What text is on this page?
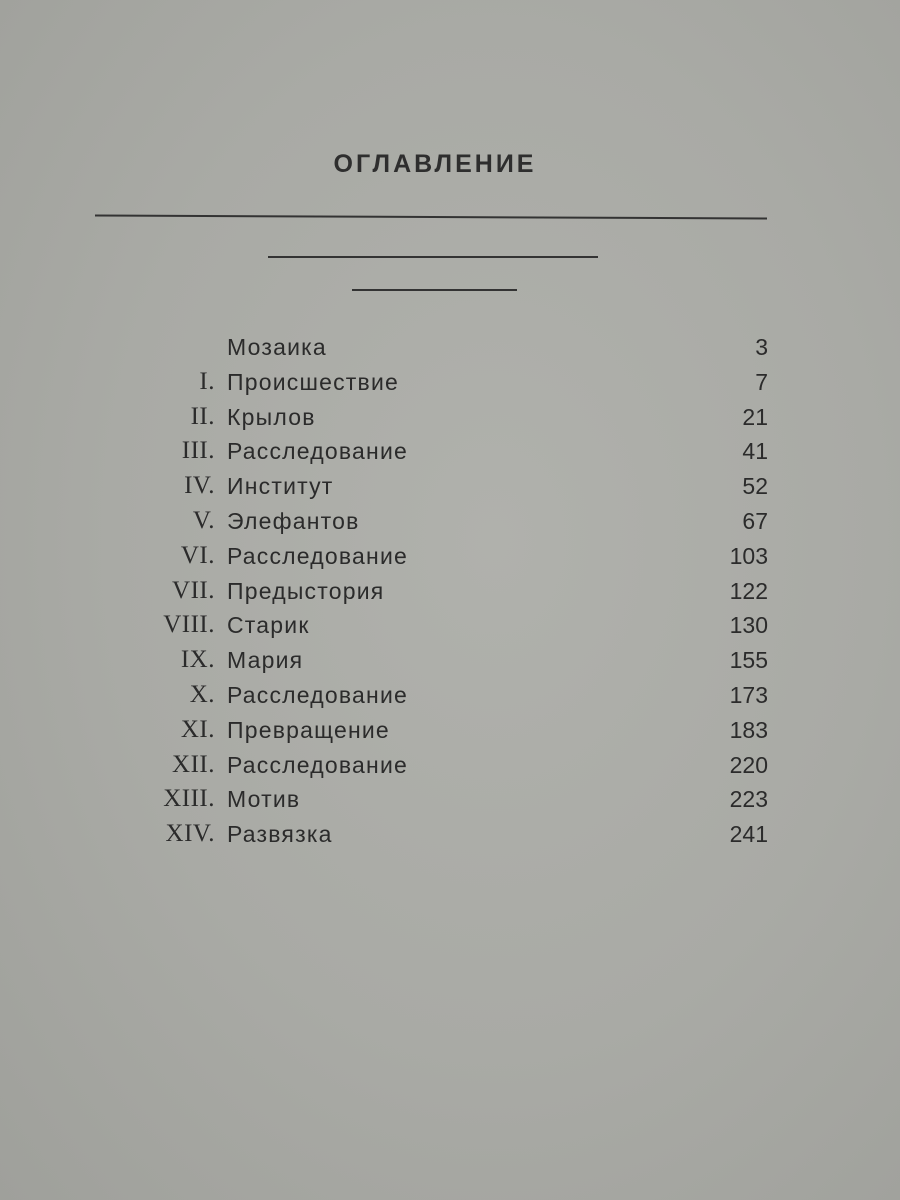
ОГЛАВЛЕНИЕ
Мозаика	3
I. Происшествие	7
II. Крылов	21
III. Расследование	41
IV. Институт	52
V. Элефантов	67
VI. Расследование	103
VII. Предыстория	122
VIII. Старик	130
IX. Мария	155
X. Расследование	173
XI. Превращение	183
XII. Расследование	220
XIII. Мотив	223
XIV. Развязка	241
